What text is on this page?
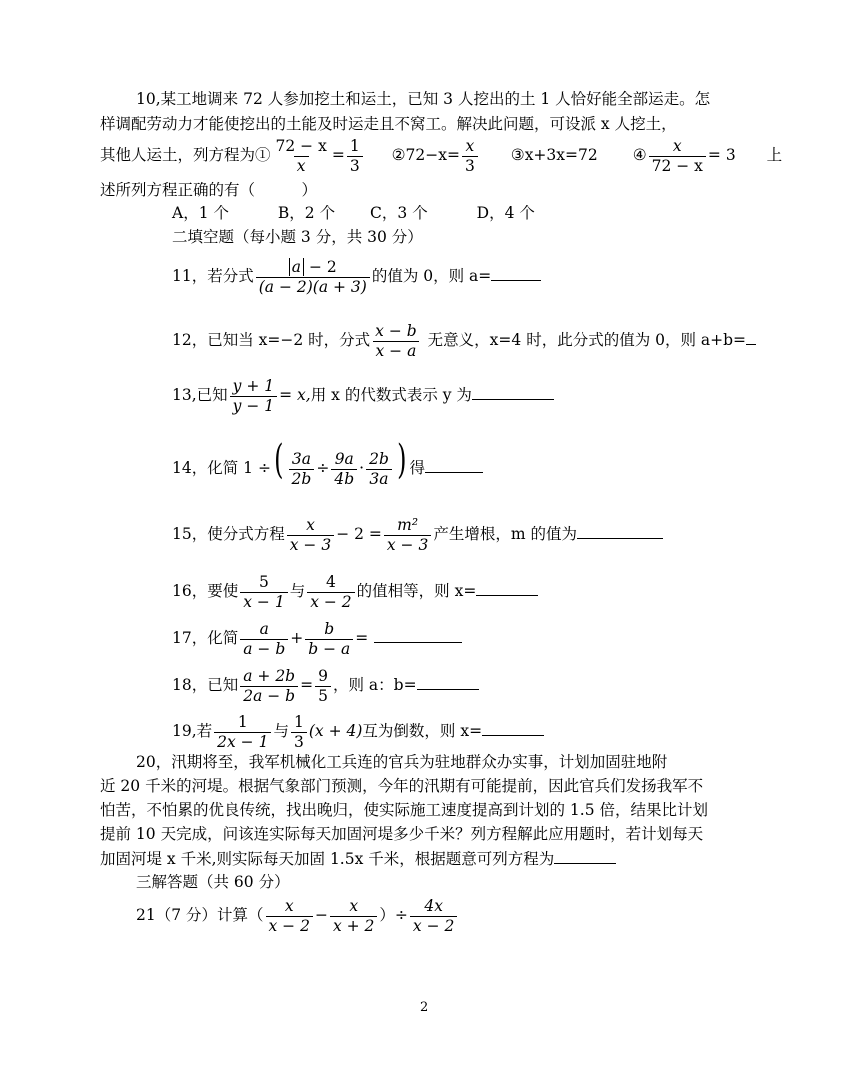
10,某工地调来 72 人参加挖土和运土，已知 3 人挖出的土 1 人恰好能全部运走。怎
样调配劳动力才能使挖出的土能及时运走且不窝工。解决此问题，可设派 x 人挖土，
其他人运土，列方程为① $\frac{72 - x}{x} = \frac{1}{3}$ ②72−x= $\frac{x}{3}$ ③x+3x=72 ④ $\frac{x}{72 - x} = 3$ 上
述所列方程正确的有（　　　）
A，1 个	B，2 个 C，3 个	D，4 个
二填空题（每小题 3 分，共 30 分）
11，若分式 $\frac{a - 2}{(a - 2)(a + 3)}$ 的值为 0，则 a=
12，已知当 x=−2 时，分式 $\frac{x - b}{x - a}$ 无意义，x=4 时，此分式的值为 0，则 a+b=
13,已知 $\frac{y + 1}{y - 1} = x$,用 x 的代数式表示 y 为
14，化简 1 ÷( $\frac{3a}{2b} \div \frac{9a}{4b} \cdot \frac{2b}{3a}$ ) 得
15，使分式方程 $\frac{x}{x - 3} - 2 = \frac{\text{m²}}{x - 3}$ 产生增根，m 的值为
16，要使 $\frac{5}{x - 1}$ 与 $\frac{4}{x - 2}$ 的值相等，则 x=
17，化简 $\frac{a}{a - b} + \frac{b}{b - a}$ =
18，已知 $\frac{a + 2b}{2a - b} = \frac{9}{5}$ ，则 a：b=
19,若 $\frac{1}{2x - 1}$ 与 $\frac{1}{3} (x + 4)$互为倒数，则 x=
20，汛期将至，我军机械化工兵连的官兵为驻地群众办实事，计划加固驻地附
近 20 千米的河堤。根据气象部门预测，今年的汛期有可能提前，因此官兵们发扬我军不
怕苦，不怕累的优良传统，找出晚归，使实际施工速度提高到计划的 1.5 倍，结果比计划
提前 10 天完成，问该连实际每天加固河堤多少千米？列方程解此应用题时，若计划每天
加固河堤 x 千米,则实际每天加固 1.5x 千米，根据题意可列方程为
三解答题（共 60 分）
21（7 分）计算（ $\frac{x}{x - 2} - \frac{x}{x + 2}$ ）÷ $\frac{4x}{x - 2}$
2
